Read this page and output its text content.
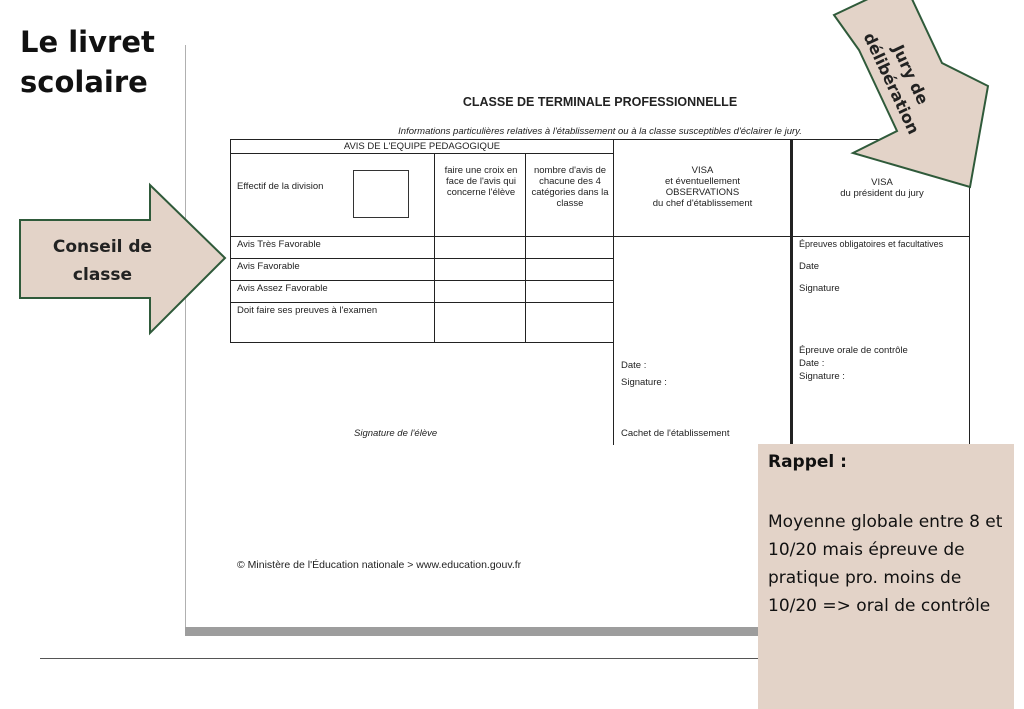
Le livret
scolaire
CLASSE DE TERMINALE PROFESSIONNELLE
Informations particulières relatives à l'établissement ou à la classe susceptibles d'éclairer le jury.
AVIS DE L'EQUIPE PEDAGOGIQUE
Effectif de la division
faire une croix en face de l'avis qui concerne l'élève
nombre d'avis de chacune des 4 catégories dans la classe
VISA
et éventuellement
OBSERVATIONS
du chef d'établissement
VISA
du président du jury
Avis Très Favorable
Avis Favorable
Avis Assez Favorable
Doit faire ses preuves à l'examen
Signature de l'élève
Date :
Signature :
Cachet de l'établissement
Épreuves obligatoires et facultatives
Date
Signature
Épreuve orale de contrôle
Date :
Signature :
© Ministère de l'Éducation nationale > www.education.gouv.fr
Conseil de
classe
Jury de
délibération
Rappel :
Moyenne globale entre 8 et 10/20 mais épreuve de pratique pro. moins de 10/20 => oral de contrôle
